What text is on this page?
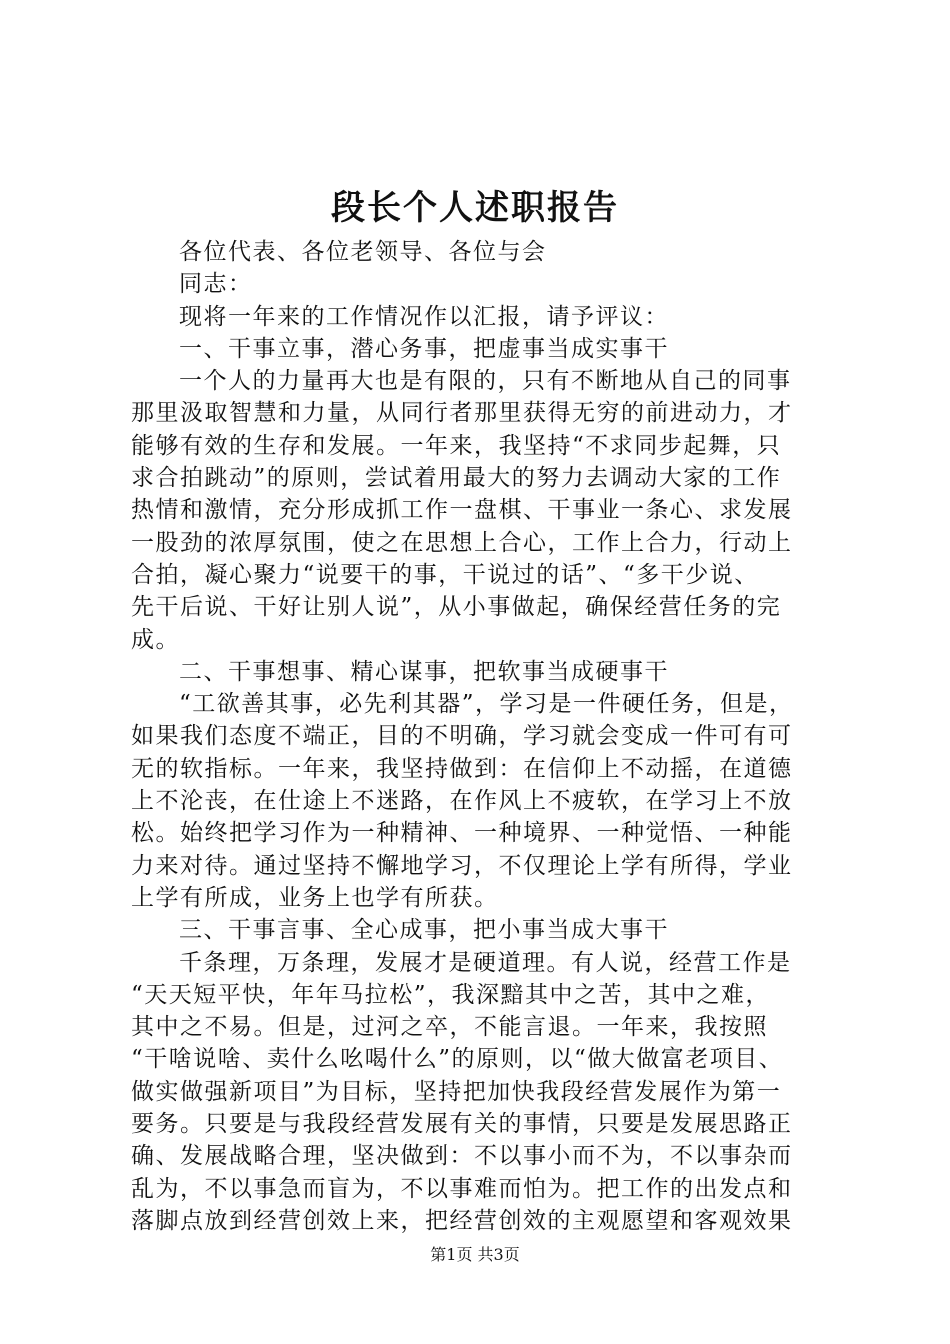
段长个人述职报告
各位代表、各位老领导、各位与会
同志：
现将一年来的工作情况作以汇报，请予评议：
一、干事立事，潜心务事，把虚事当成实事干
一个人的力量再大也是有限的，只有不断地从自己的同事
那里汲取智慧和力量，从同行者那里获得无穷的前进动力，才
能够有效的生存和发展。一年来，我坚持“不求同步起舞，只
求合拍跳动”的原则，尝试着用最大的努力去调动大家的工作
热情和激情，充分形成抓工作一盘棋、干事业一条心、求发展
一股劲的浓厚氛围，使之在思想上合心，工作上合力，行动上
合拍，凝心聚力“说要干的事，干说过的话”、“多干少说、
先干后说、干好让别人说”，从小事做起，确保经营任务的完
成。
二、干事想事、精心谋事，把软事当成硬事干
“工欲善其事，必先利其器”，学习是一件硬任务，但是，
如果我们态度不端正，目的不明确，学习就会变成一件可有可
无的软指标。一年来，我坚持做到：在信仰上不动摇，在道德
上不沦丧，在仕途上不迷路，在作风上不疲软，在学习上不放
松。始终把学习作为一种精神、一种境界、一种觉悟、一种能
力来对待。通过坚持不懈地学习，不仅理论上学有所得，学业
上学有所成，业务上也学有所获。
三、干事言事、全心成事，把小事当成大事干
千条理，万条理，发展才是硬道理。有人说，经营工作是
“天天短平快，年年马拉松”，我深黯其中之苦，其中之难，
其中之不易。但是，过河之卒，不能言退。一年来，我按照
“干啥说啥、卖什么吆喝什么”的原则，以“做大做富老项目、
做实做强新项目”为目标，坚持把加快我段经营发展作为第一
要务。只要是与我段经营发展有关的事情，只要是发展思路正
确、发展战略合理，坚决做到：不以事小而不为，不以事杂而
乱为，不以事急而盲为，不以事难而怕为。把工作的出发点和
落脚点放到经营创效上来，把经营创效的主观愿望和客观效果
第1页 共3页
